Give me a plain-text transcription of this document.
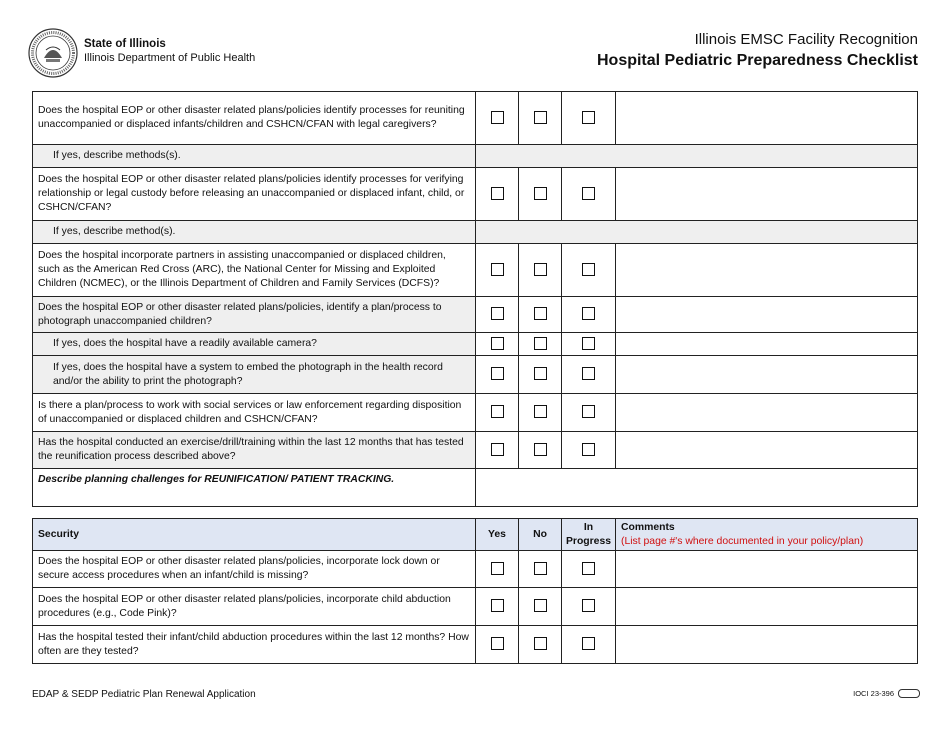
State of Illinois
Illinois Department of Public Health
Illinois EMSC Facility Recognition
Hospital Pediatric Preparedness Checklist
Does the hospital EOP or other disaster related plans/policies identify processes for reuniting unaccompanied or displaced infants/children and CSHCN/CFAN with legal caregivers?				
If yes, describe methods(s).				
Does the hospital EOP or other disaster related plans/policies identify processes for verifying relationship or legal custody before releasing an unaccompanied or displaced infant, child, or CSHCN/CFAN?				
If yes, describe method(s).				
Does the hospital incorporate partners in assisting unaccompanied or displaced children, such as the American Red Cross (ARC), the National Center for Missing and Exploited Children (NCMEC), or the Illinois Department of Children and Family Services (DCFS)?				
Does the hospital EOP or other disaster related plans/policies, identify a plan/process to photograph unaccompanied children?				
If yes, does the hospital have a readily available camera?				
If yes, does the hospital have a system to embed the photograph in the health record and/or the ability to print the photograph?				
Is there a plan/process to work with social services or law enforcement regarding disposition of unaccompanied or displaced children and CSHCN/CFAN?				
Has the hospital conducted an exercise/drill/training within the last 12 months that has tested the reunification process described above?				
Describe planning challenges for REUNIFICATION/ PATIENT TRACKING.				
Security	Yes	No	In Progress	Comments
(List page #'s where documented in your policy/plan)

Does the hospital EOP or other disaster related plans/policies, incorporate lock down or secure access procedures when an infant/child is missing?				
Does the hospital EOP or other disaster related plans/policies, incorporate child abduction procedures (e.g., Code Pink)?				
Has the hospital tested their infant/child abduction procedures within the last 12 months? How often are they tested?				
EDAP & SEDP Pediatric Plan Renewal Application	IOCI 23-396
